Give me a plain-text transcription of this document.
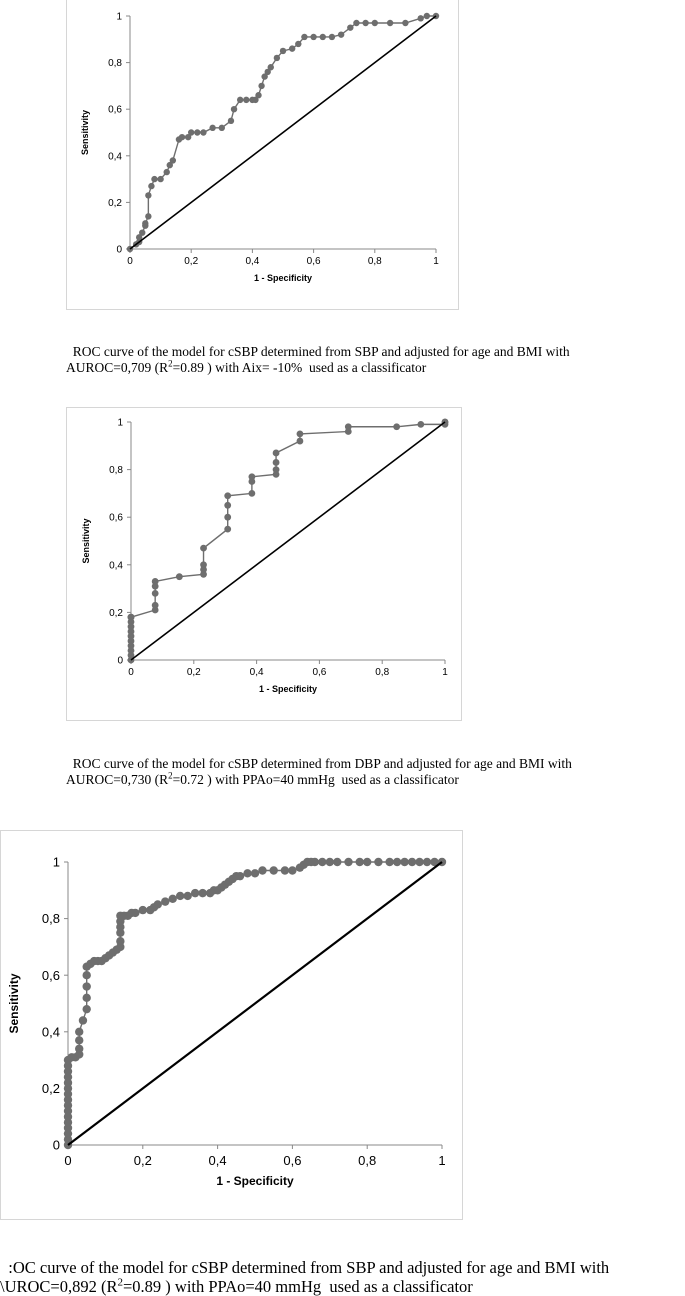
0
0,2
0,4
0,6
0,8
1
0	0,2	0,4	0,6	0,8	1
1 - Specificity
Sensitivity

ROC curve of the model for cSBP determined from SBP and adjusted for age and BMI with
AUROC=0,709 ($R^2=0.89$ ) with Aix= -10%  used as a classificator

0
0,2
0,4
0,6
0,8
1
0	0,2	0,4	0,6	0,8	1
1 - Specificity
Sensitivity

ROC curve of the model for cSBP determined from DBP and adjusted for age and BMI with
AUROC=0,730 ($R^2=0.72$ ) with PPAo=40 mmHg  used as a classificator

0
0,2
0,4
0,6
0,8
1
0	0,2	0,4	0,6	0,8	1
1 - Specificity
Sensitivity

:OC curve of the model for cSBP determined from SBP and adjusted for age and BMI with
\UROC=0,892 ($R^2=0.89$ ) with PPAo=40 mmHg  used as a classificator
